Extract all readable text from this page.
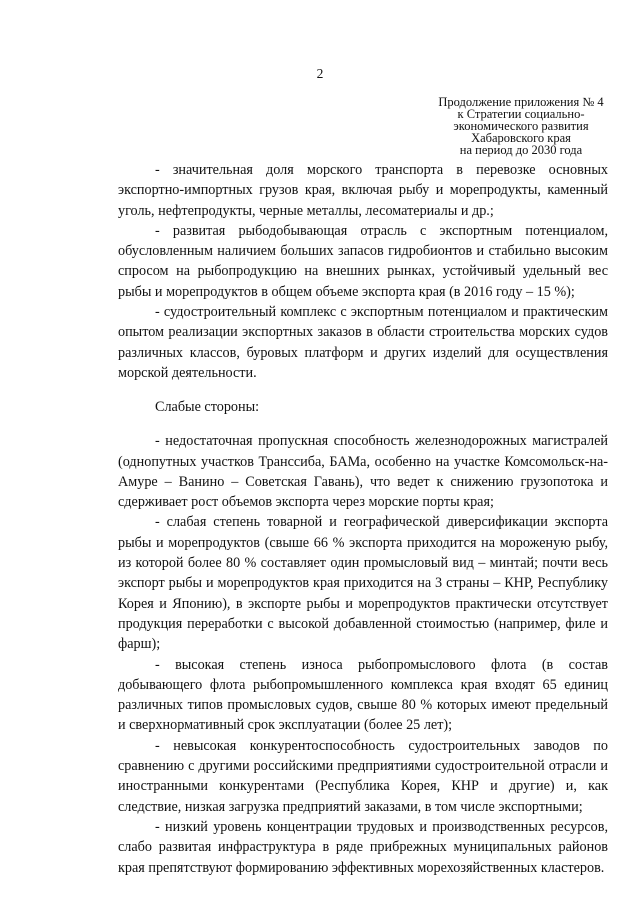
2
Продолжение приложения № 4
к Стратегии социально-
экономического развития
Хабаровского края
на период до 2030 года

- значительная доля морского транспорта в перевозке основных экспортно-импортных грузов края, включая рыбу и морепродукты, каменный уголь, нефтепродукты, черные металлы, лесоматериалы и др.;

- развитая рыбодобывающая отрасль с экспортным потенциалом, обусловленным наличием больших запасов гидробионтов и стабильно высоким спросом на рыбопродукцию на внешних рынках, устойчивый удельный вес рыбы и морепродуктов в общем объеме экспорта края (в 2016 году – 15 %);

- судостроительный комплекс с экспортным потенциалом и практическим опытом реализации экспортных заказов в области строительства морских судов различных классов, буровых платформ и других изделий для осуществления морской деятельности.

Слабые стороны:

- недостаточная пропускная способность железнодорожных магистралей (однопутных участков Транссиба, БАМа, особенно на участке Комсомольск-на-Амуре – Ванино – Советская Гавань), что ведет к снижению грузопотока и сдерживает рост объемов экспорта через морские порты края;

- слабая степень товарной и географической диверсификации экспорта рыбы и морепродуктов (свыше 66 % экспорта приходится на мороженую рыбу, из которой более 80 % составляет один промысловый вид – минтай; почти весь экспорт рыбы и морепродуктов края приходится на 3 страны – КНР, Республику Корея и Японию), в экспорте рыбы и морепродуктов практически отсутствует продукция переработки с высокой добавленной стоимостью (например, филе и фарш);

- высокая степень износа рыбопромыслового флота (в состав добывающего флота рыбопромышленного комплекса края входят 65 единиц различных типов промысловых судов, свыше 80 % которых имеют предельный и сверхнормативный срок эксплуатации (более 25 лет);

- невысокая конкурентоспособность судостроительных заводов по сравнению с другими российскими предприятиями судостроительной отрасли и иностранными конкурентами (Республика Корея, КНР и другие) и, как следствие, низкая загрузка предприятий заказами, в том числе экспортными;

- низкий уровень концентрации трудовых и производственных ресурсов, слабо развитая инфраструктура в ряде прибрежных муниципальных районов края препятствуют формированию эффективных морехозяйственных кластеров.
